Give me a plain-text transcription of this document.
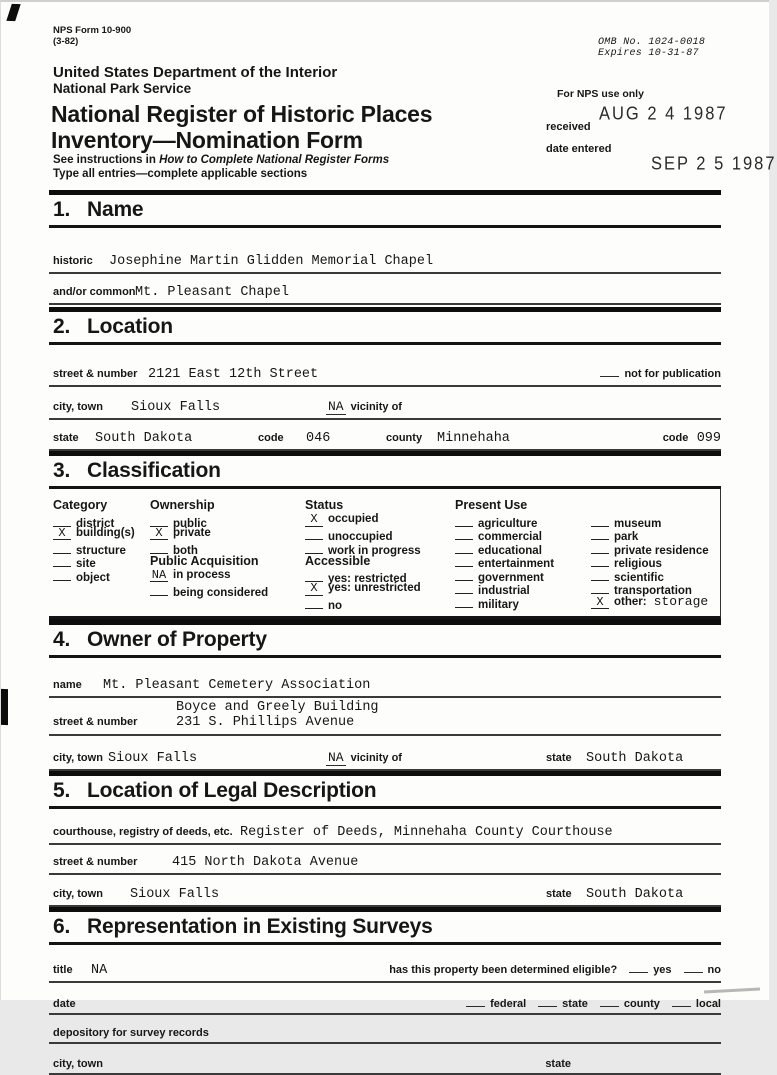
NPS Form 10-900
(3-82)	OMB No. 1024-0018
Expires 10-31-87
United States Department of the Interior
National Park Service
National Register of Historic Places
Inventory—Nomination Form
See instructions in How to Complete National Register Forms
Type all entries—complete applicable sections
For NPS use only
received
AUG 2 4 1987
date entered
SEP 2 5 1987
1. Name
historic	Josephine Martin Glidden Memorial Chapel
and/or common Mt. Pleasant Chapel
2. Location
street & number 2121 East 12th Street	not for publication
city, town Sioux Falls	NA vicinity of
state	South Dakota	code	046	county	Minnehaha	code 099
3. Classification
Category
district
X building(s)
structure
site
object
Ownership
public
X private
both
Public Acquisition
NA in process
being considered
Status
X occupied
unoccupied
work in progress
Accessible
yes: restricted
X yes: unrestricted
no
Present Use
agriculture
commercial
educational
entertainment
government
industrial
military
museum
park
private residence
religious
scientific
transportation
X other: storage
4. Owner of Property
name	Mt. Pleasant Cemetery Association
Boyce and Greely Building
street & number	231 S. Phillips Avenue
city, town Sioux Falls	NA vicinity of	state	South Dakota
5. Location of Legal Description
courthouse, registry of deeds, etc. Register of Deeds, Minnehaha County Courthouse
street & number	415 North Dakota Avenue
city, town	Sioux Falls	state	South Dakota
6. Representation in Existing Surveys
title	NA	has this property been determined eligible?	yes	no
date	federal	state	county	local
depository for survey records
city, town	state
